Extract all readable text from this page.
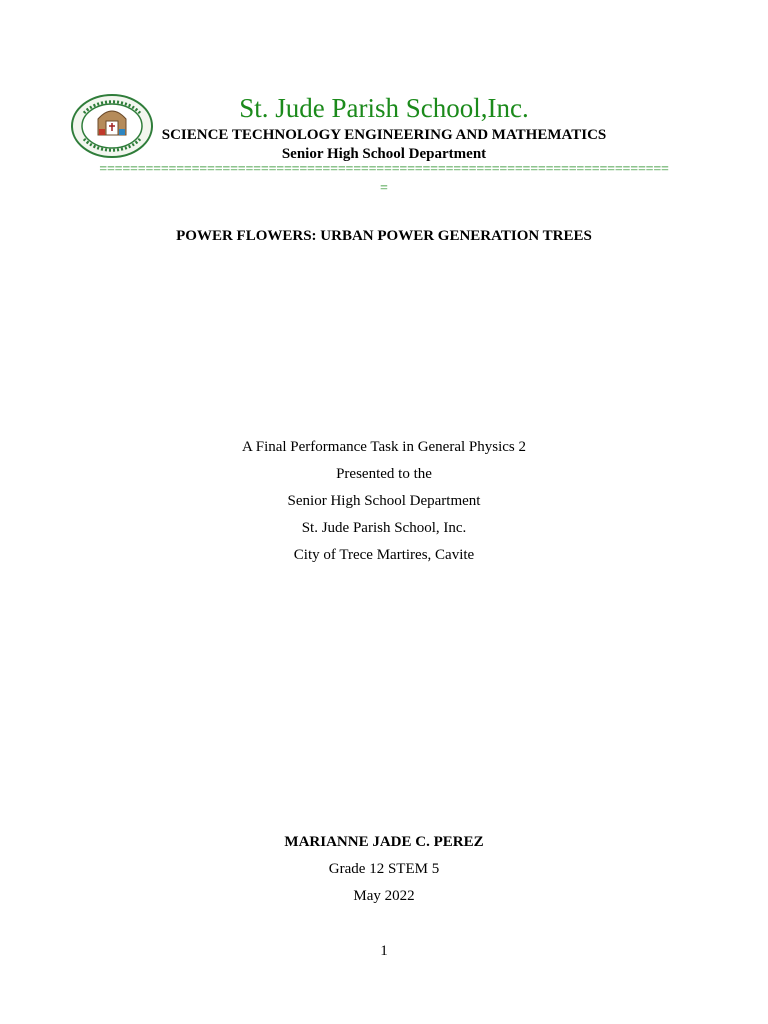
St. Jude Parish School,Inc.
SCIENCE TECHNOLOGY ENGINEERING AND MATHEMATICS
Senior High School Department
==========================================================================
=
POWER FLOWERS: URBAN POWER GENERATION TREES
A Final Performance Task in General Physics 2
Presented to the
Senior High School Department
St. Jude Parish School, Inc.
City of Trece Martires, Cavite
MARIANNE JADE C. PEREZ
Grade 12 STEM 5
May 2022
1
